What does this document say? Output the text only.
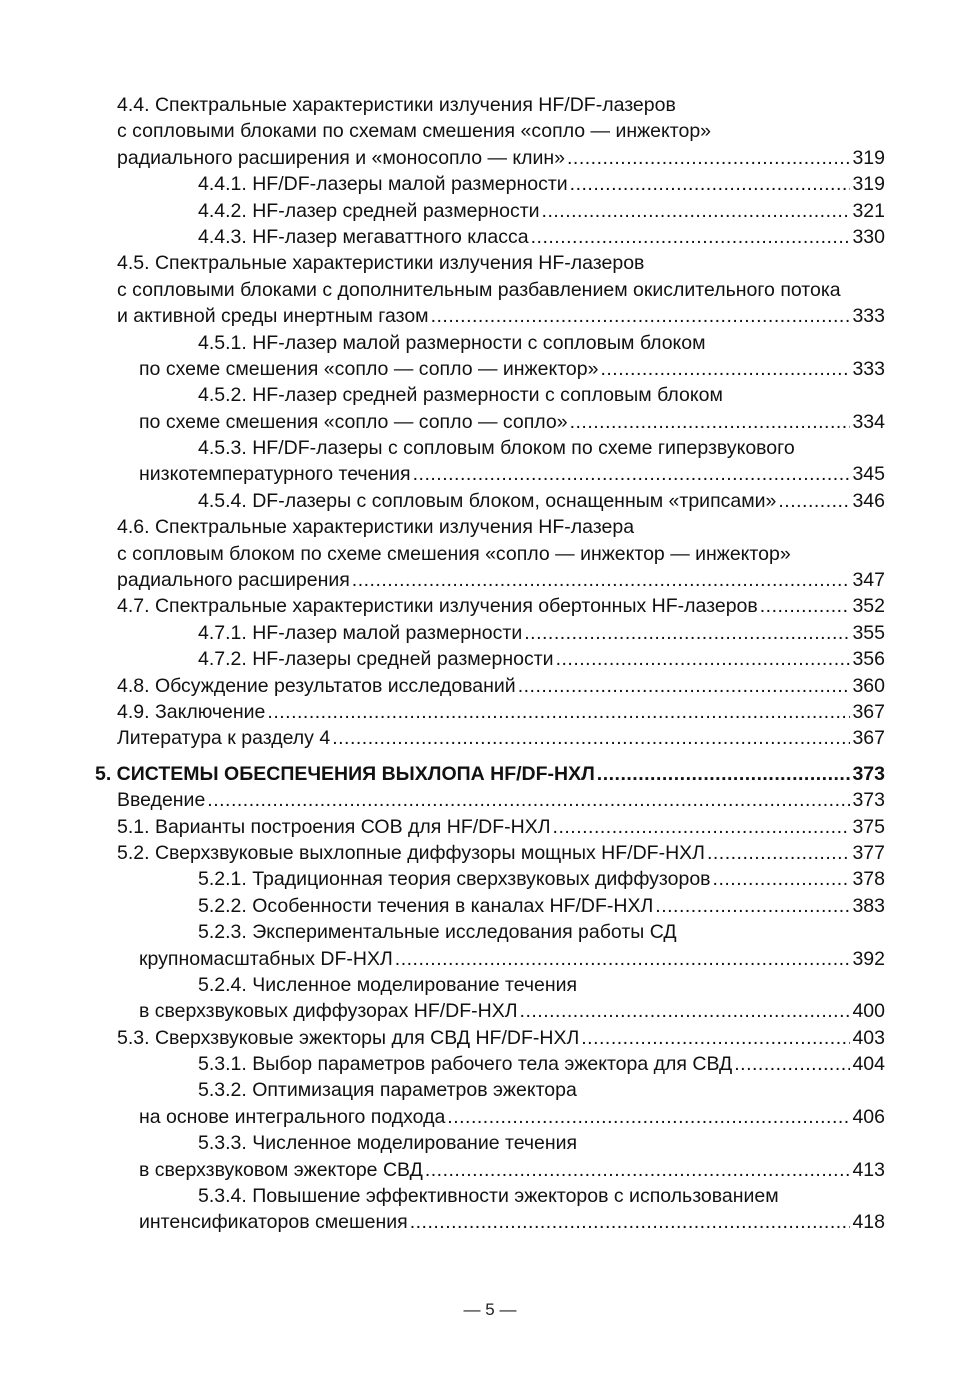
4.4. Спектральные характеристики излучения HF/DF-лазеров
с сопловыми блоками по схемам смешения «сопло — инжектор»
радиального расширения и «моносопло — клин» .....	319
4.4.1. HF/DF-лазеры малой размерности .....	319
4.4.2. HF-лазер средней размерности .....	321
4.4.3. HF-лазер мегаваттного класса .....	330
4.5. Спектральные характеристики излучения HF-лазеров
с сопловыми блоками с дополнительным разбавлением окислительного потока
и активной среды инертным газом .....	333
4.5.1. HF-лазер малой размерности с сопловым блоком
по схеме смешения «сопло — сопло — инжектор» .....	333
4.5.2. HF-лазер средней размерности с сопловым блоком
по схеме смешения «сопло — сопло — сопло» .....	334
4.5.3. HF/DF-лазеры с сопловым блоком по схеме гиперзвукового
низкотемпературного течения .....	345
4.5.4. DF-лазеры с сопловым блоком, оснащенным «трипсами» .....	346
4.6. Спектральные характеристики излучения HF-лазера
с сопловым блоком по схеме смешения «сопло — инжектор — инжектор»
радиального расширения .....	347
4.7. Спектральные характеристики излучения обертонных HF-лазеров .....	352
4.7.1. HF-лазер малой размерности .....	355
4.7.2. HF-лазеры средней размерности .....	356
4.8. Обсуждение результатов исследований .....	360
4.9. Заключение .....	367
Литература к разделу 4 .....	367
5. СИСТЕМЫ ОБЕСПЕЧЕНИЯ ВЫХЛОПА HF/DF-НХЛ .....	373
Введение .....	373
5.1. Варианты построения СОВ для HF/DF-НХЛ .....	375
5.2. Сверхзвуковые выхлопные диффузоры мощных HF/DF-НХЛ .....	377
5.2.1. Традиционная теория сверхзвуковых диффузоров .....	378
5.2.2. Особенности течения в каналах HF/DF-НХЛ .....	383
5.2.3. Экспериментальные исследования работы СД
крупномасштабных DF-НХЛ .....	392
5.2.4. Численное моделирование течения
в сверхзвуковых диффузорах HF/DF-НХЛ .....	400
5.3. Сверхзвуковые эжекторы для СВД HF/DF-НХЛ .....	403
5.3.1. Выбор параметров рабочего тела эжектора для СВД .....	404
5.3.2. Оптимизация параметров эжектора
на основе интегрального подхода .....	406
5.3.3. Численное моделирование течения
в сверхзвуковом эжекторе СВД .....	413
5.3.4. Повышение эффективности эжекторов с использованием
интенсификаторов смешения .....	418
— 5 —
